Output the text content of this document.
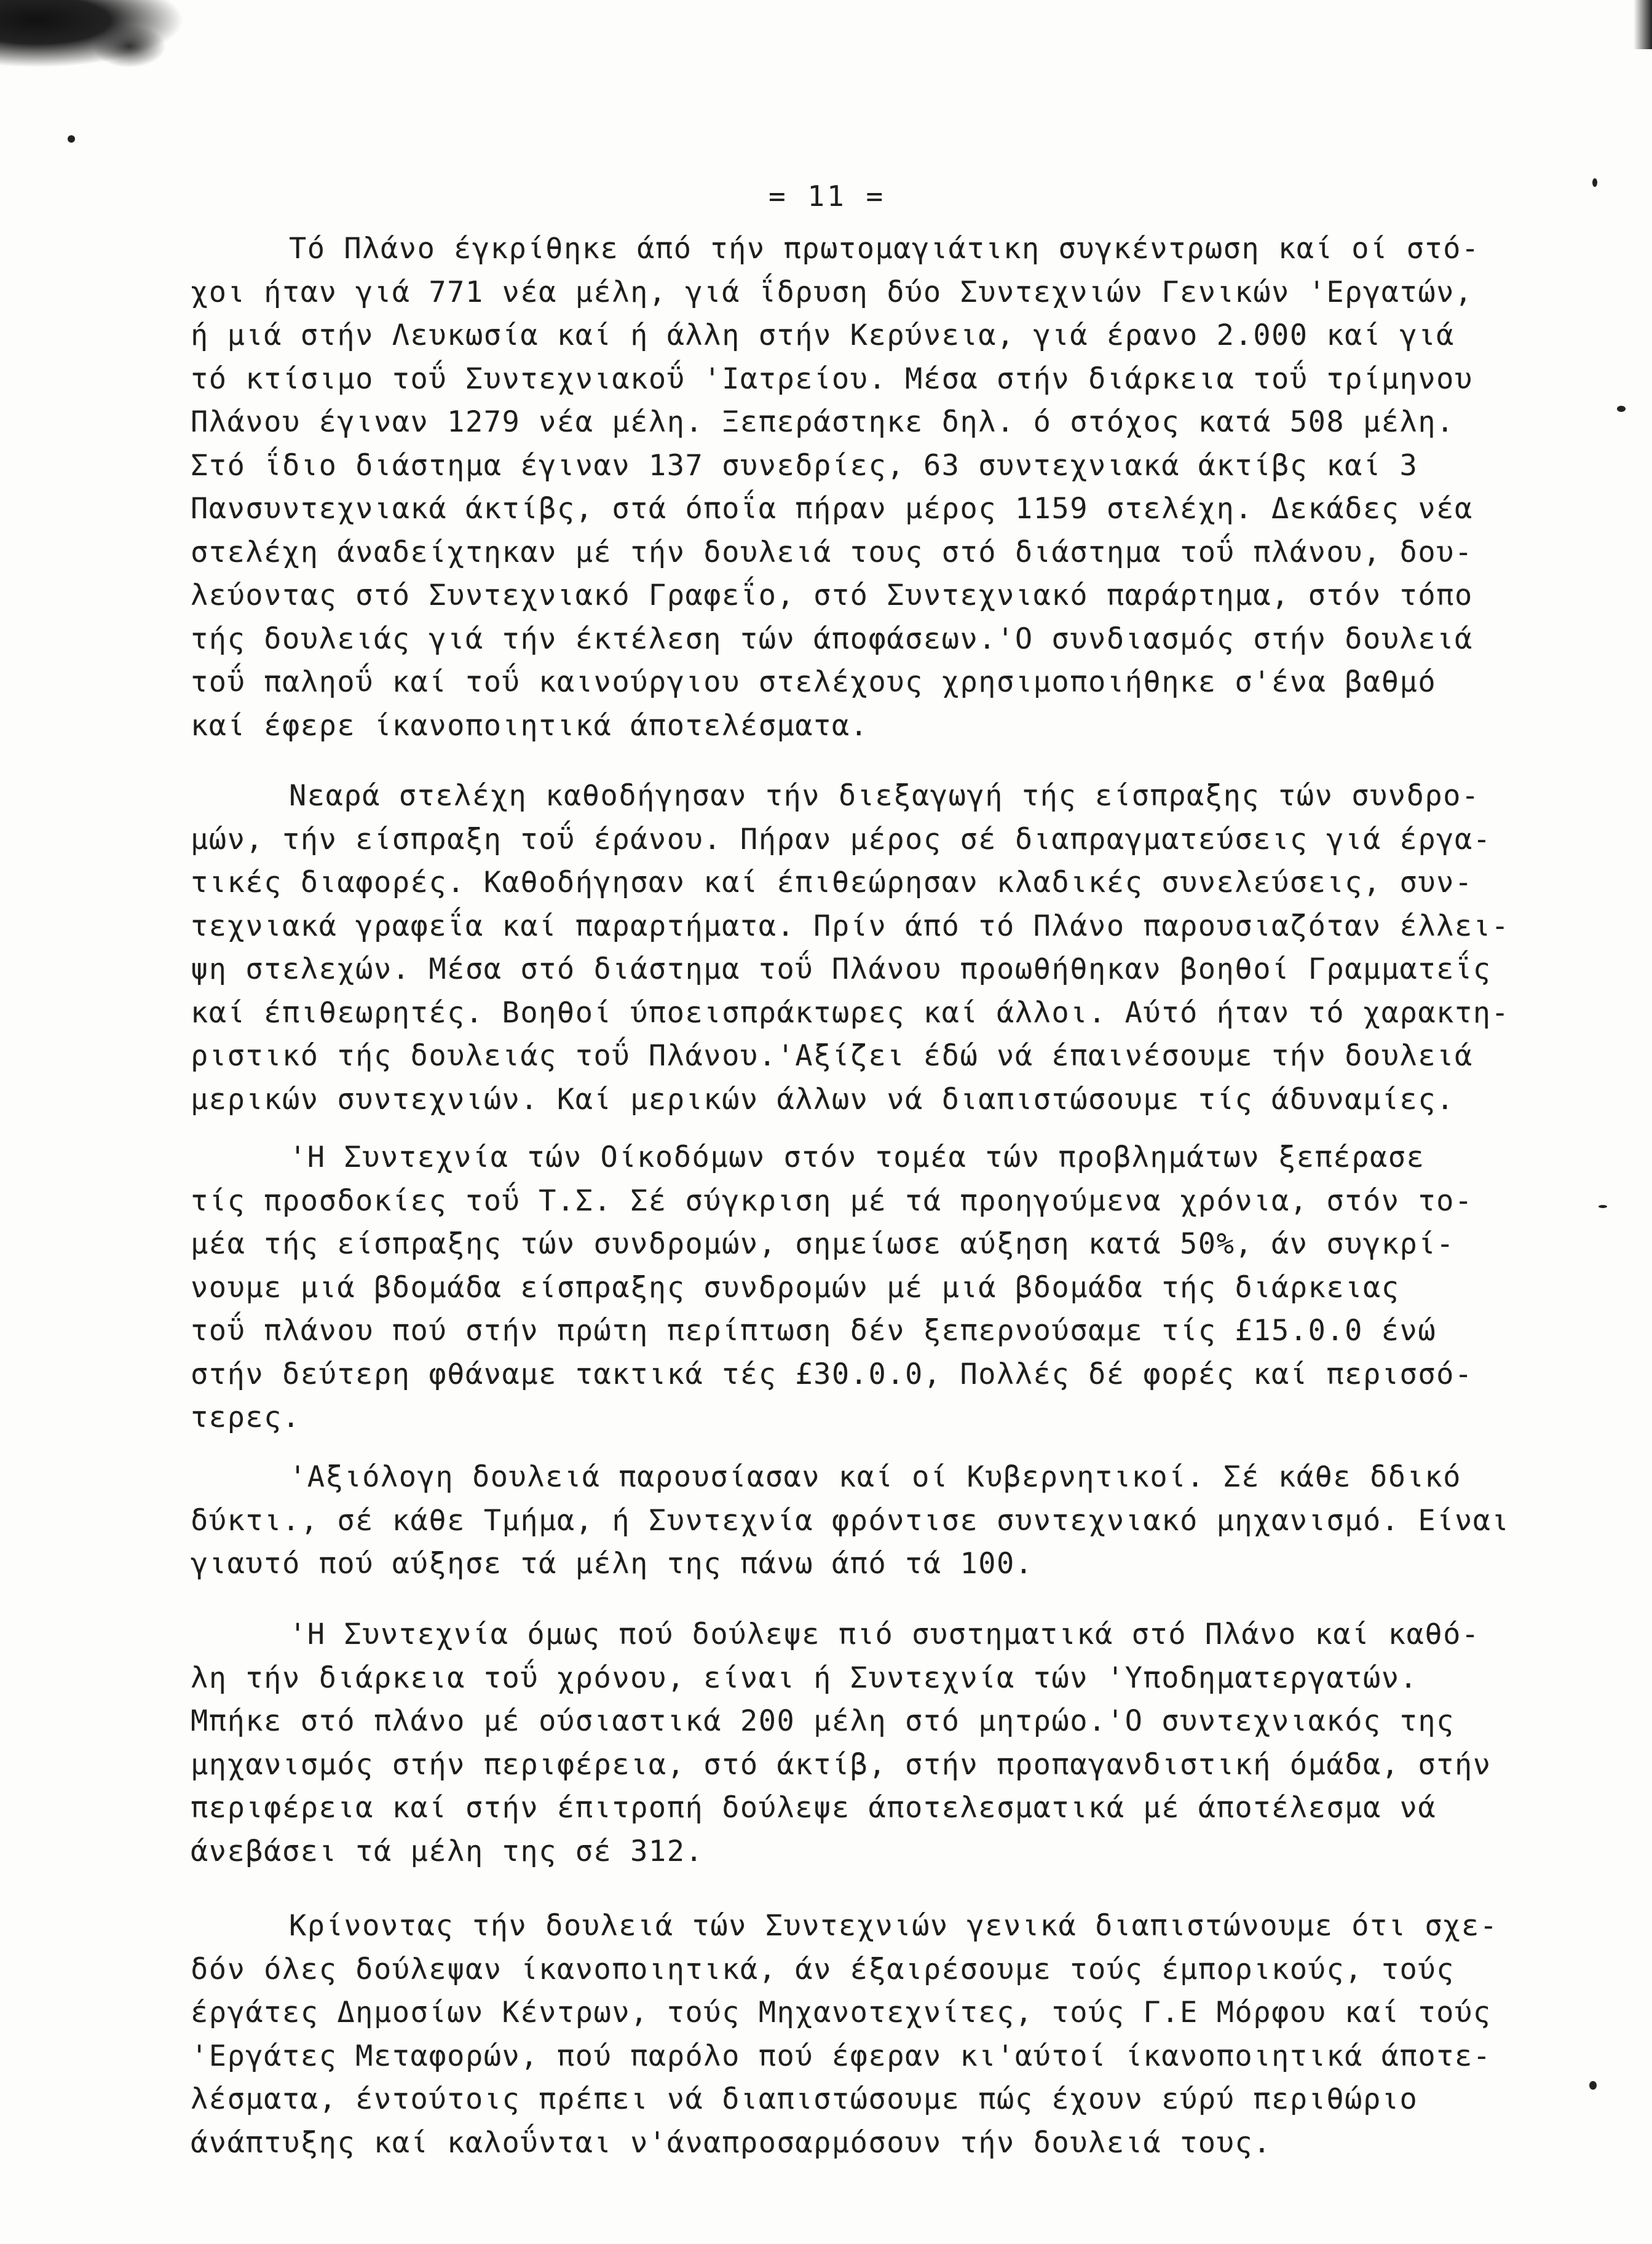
= 11 =
Τό Πλάνο έγκρίθηκε άπό τήν πρωτομαγιάτικη συγκέντρωση καί οί στό-
χοι ήταν γιά 771 νέα μέλη, γιά ΐδρυση δύο Συντεχνιών Γενικών 'Εργατών,
ή μιά στήν Λευκωσία καί ή άλλη στήν Κερύνεια, γιά έρανο 2.000 καί γιά
τό κτίσιμο τοΰ Συντεχνιακοΰ 'Ιατρείου. Μέσα στήν διάρκεια τοΰ τρίμηνου
Πλάνου έγιναν 1279 νέα μέλη. Ξεπεράστηκε δηλ. ό στόχος κατά 508 μέλη.
Στό ΐδιο διάστημα έγιναν 137 συνεδρίες, 63 συντεχνιακά άκτίβς καί 3
Πανσυντεχνιακά άκτίβς, στά όποΐα πήραν μέρος 1159 στελέχη. Δεκάδες νέα
στελέχη άναδείχτηκαν μέ τήν δουλειά τους στό διάστημα τοΰ πλάνου, δου-
λεύοντας στό Συντεχνιακό Γραφεΐο, στό Συντεχνιακό παράρτημα, στόν τόπο
τής δουλειάς γιά τήν έκτέλεση τών άποφάσεων.'Ο συνδιασμός στήν δουλειά
τοΰ παληοΰ καί τοΰ καινούργιου στελέχους χρησιμοποιήθηκε σ'ένα βαθμό
καί έφερε ίκανοποιητικά άποτελέσματα.
Νεαρά στελέχη καθοδήγησαν τήν διεξαγωγή τής είσπραξης τών συνδρο-
μών, τήν είσπραξη τοΰ έράνου. Πήραν μέρος σέ διαπραγματεύσεις γιά έργα-
τικές διαφορές. Καθοδήγησαν καί έπιθεώρησαν κλαδικές συνελεύσεις, συν-
τεχνιακά γραφεΐα καί παραρτήματα. Πρίν άπό τό Πλάνο παρουσιαζόταν έλλει-
ψη στελεχών. Μέσα στό διάστημα τοΰ Πλάνου προωθήθηκαν βοηθοί Γραμματεΐς
καί έπιθεωρητές. Βοηθοί ύποεισπράκτωρες καί άλλοι. Αύτό ήταν τό χαρακτη-
ριστικό τής δουλειάς τοΰ Πλάνου.'Αξίζει έδώ νά έπαινέσουμε τήν δουλειά
μερικών συντεχνιών. Καί μερικών άλλων νά διαπιστώσουμε τίς άδυναμίες.
'Η Συντεχνία τών Οίκοδόμων στόν τομέα τών προβλημάτων ξεπέρασε
τίς προσδοκίες τοΰ Τ.Σ. Σέ σύγκριση μέ τά προηγούμενα χρόνια, στόν το-
μέα τής είσπραξης τών συνδρομών, σημείωσε αύξηση κατά 50%, άν συγκρί-
νουμε μιά βδομάδα είσπραξης συνδρομών μέ μιά βδομάδα τής διάρκειας
τοΰ πλάνου πού στήν πρώτη περίπτωση δέν ξεπερνούσαμε τίς £15.0.0 ένώ
στήν δεύτερη φθάναμε τακτικά τές £30.0.0, Πολλές δέ φορές καί περισσό-
τερες.
'Αξιόλογη δουλειά παρουσίασαν καί οί Κυβερνητικοί. Σέ κάθε δδικό
δύκτι., σέ κάθε Τμήμα, ή Συντεχνία φρόντισε συντεχνιακό μηχανισμό. Είναι
γιαυτό πού αύξησε τά μέλη της πάνω άπό τά 100.
'Η Συντεχνία όμως πού δούλεψε πιό συστηματικά στό Πλάνο καί καθό-
λη τήν διάρκεια τοΰ χρόνου, είναι ή Συντεχνία τών 'Υποδηματεργατών.
Μπήκε στό πλάνο μέ ούσιαστικά 200 μέλη στό μητρώο.'Ο συντεχνιακός της
μηχανισμός στήν περιφέρεια, στό άκτίβ, στήν προπαγανδιστική όμάδα, στήν
περιφέρεια καί στήν έπιτροπή δούλεψε άποτελεσματικά μέ άποτέλεσμα νά
άνεβάσει τά μέλη της σέ 312.
Κρίνοντας τήν δουλειά τών Συντεχνιών γενικά διαπιστώνουμε ότι σχε-
δόν όλες δούλεψαν ίκανοποιητικά, άν έξαιρέσουμε τούς έμπορικούς, τούς
έργάτες Δημοσίων Κέντρων, τούς Μηχανοτεχνίτες, τούς Γ.Ε Μόρφου καί τούς
'Εργάτες Μεταφορών, πού παρόλο πού έφεραν κι'αύτοί ίκανοποιητικά άποτε-
λέσματα, έντούτοις πρέπει νά διαπιστώσουμε πώς έχουν εύρύ περιθώριο
άνάπτυξης καί καλοΰνται ν'άναπροσαρμόσουν τήν δουλειά τους.
